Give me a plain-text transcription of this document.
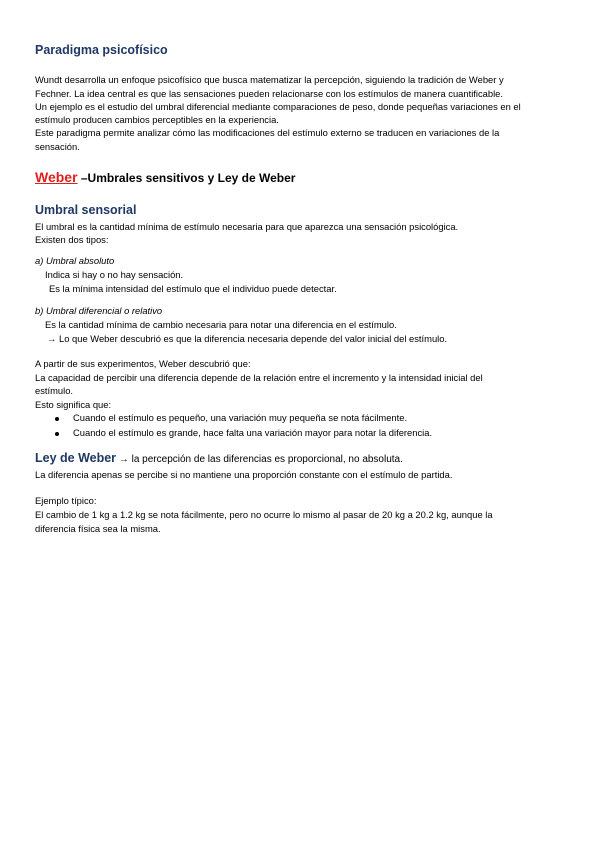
Paradigma psicofísico
Wundt desarrolla un enfoque psicofísico que busca matematizar la percepción, siguiendo la tradición de Weber y
Fechner. La idea central es que las sensaciones pueden relacionarse con los estímulos de manera cuantificable.
Un ejemplo es el estudio del umbral diferencial mediante comparaciones de peso, donde pequeñas variaciones en el
estímulo producen cambios perceptibles en la experiencia.
Este paradigma permite analizar cómo las modificaciones del estímulo externo se traducen en variaciones de la
sensación.
Weber –Umbrales sensitivos y Ley de Weber
Umbral sensorial
El umbral es la cantidad mínima de estímulo necesaria para que aparezca una sensación psicológica.
Existen dos tipos:
a) Umbral absoluto
Indica si hay o no hay sensación.
Es la mínima intensidad del estímulo que el individuo puede detectar.
b) Umbral diferencial o relativo
Es la cantidad mínima de cambio necesaria para notar una diferencia en el estímulo.
→ Lo que Weber descubrió es que la diferencia necesaria depende del valor inicial del estímulo.
A partir de sus experimentos, Weber descubrió que:
La capacidad de percibir una diferencia depende de la relación entre el incremento y la intensidad inicial del
estímulo.
Esto significa que:
Cuando el estímulo es pequeño, una variación muy pequeña se nota fácilmente.
Cuando el estímulo es grande, hace falta una variación mayor para notar la diferencia.
Ley de Weber → la percepción de las diferencias es proporcional, no absoluta.
La diferencia apenas se percibe si no mantiene una proporción constante con el estímulo de partida.
Ejemplo típico:
El cambio de 1 kg a 1.2 kg se nota fácilmente, pero no ocurre lo mismo al pasar de 20 kg a 20.2 kg, aunque la
diferencia física sea la misma.
